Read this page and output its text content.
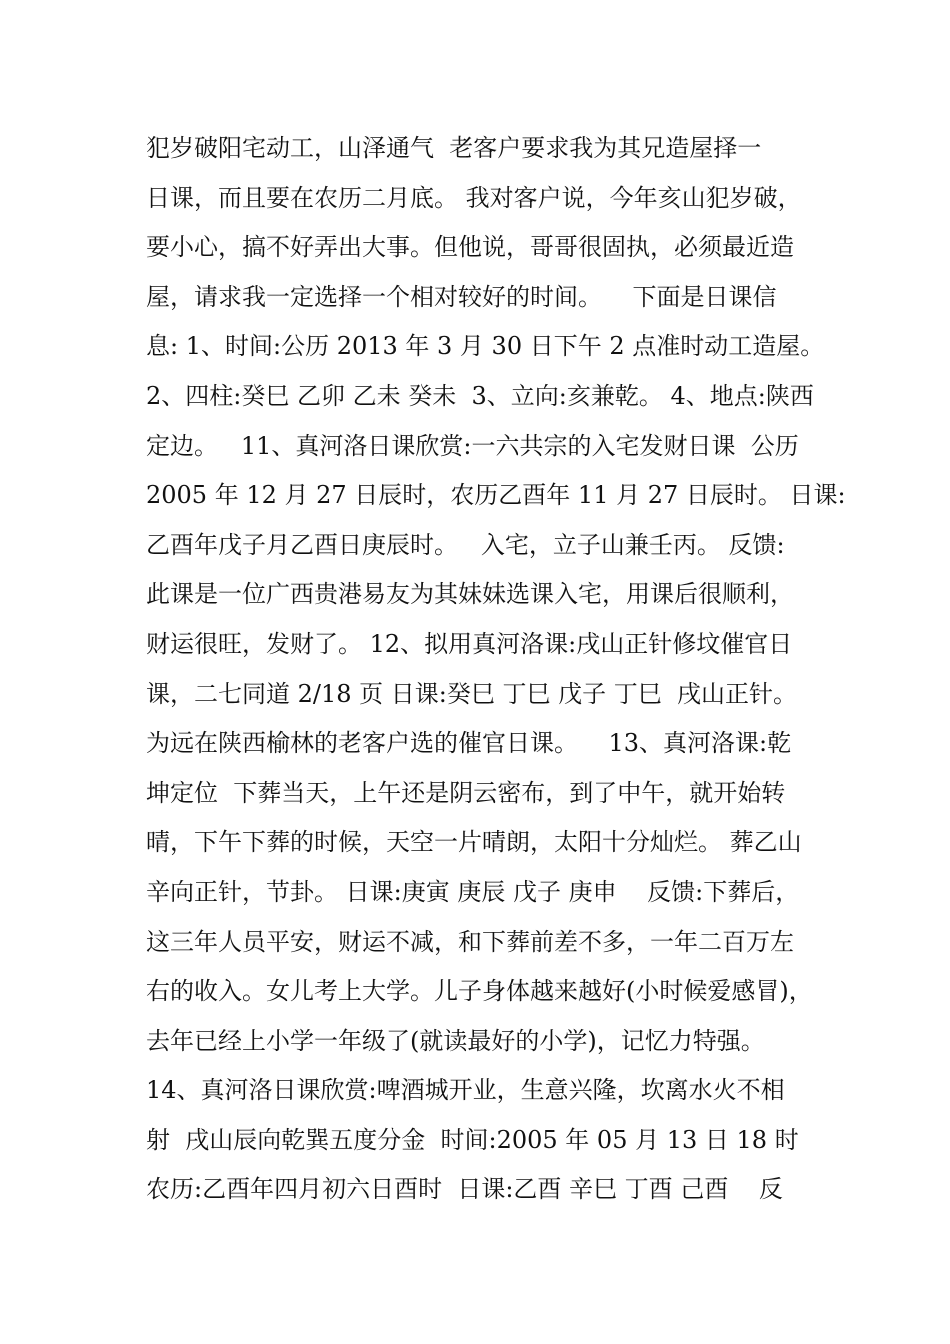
犯岁破阳宅动工，山泽通气  老客户要求我为其兄造屋择一
日课，而且要在农历二月底。 我对客户说，今年亥山犯岁破，
要小心，搞不好弄出大事。但他说，哥哥很固执，必须最近造
屋，请求我一定选择一个相对较好的时间。    下面是日课信
息: 1、时间:公历 2013 年 3 月 30 日下午 2 点准时动工造屋。
2、四柱:癸巳 乙卯 乙未 癸未  3、立向:亥兼乾。 4、地点:陕西
定边。   11、真河洛日课欣赏:一六共宗的入宅发财日课  公历
2005 年 12 月 27 日辰时，农历乙酉年 11 月 27 日辰时。 日课:
乙酉年戊子月乙酉日庚辰时。   入宅，立子山兼壬丙。 反馈:
此课是一位广西贵港易友为其妹妹选课入宅，用课后很顺利，
财运很旺，发财了。 12、拟用真河洛课:戌山正针修坟催官日
课，二七同道 2/18 页 日课:癸巳 丁巳 戊子 丁巳  戌山正针。
为远在陕西榆林的老客户选的催官日课。    13、真河洛课:乾
坤定位  下葬当天，上午还是阴云密布，到了中午，就开始转
晴，下午下葬的时候，天空一片晴朗，太阳十分灿烂。 葬乙山
辛向正针，节卦。 日课:庚寅 庚辰 戊子 庚申    反馈:下葬后，
这三年人员平安，财运不减，和下葬前差不多，一年二百万左
右的收入。女儿考上大学。儿子身体越来越好(小时候爱感冒)，
去年已经上小学一年级了(就读最好的小学)，记忆力特强。
14、真河洛日课欣赏:啤酒城开业，生意兴隆，坎离水火不相
射  戌山辰向乾巽五度分金  时间:2005 年 05 月 13 日 18 时
农历:乙酉年四月初六日酉时  日课:乙酉 辛巳 丁酉 己酉    反
